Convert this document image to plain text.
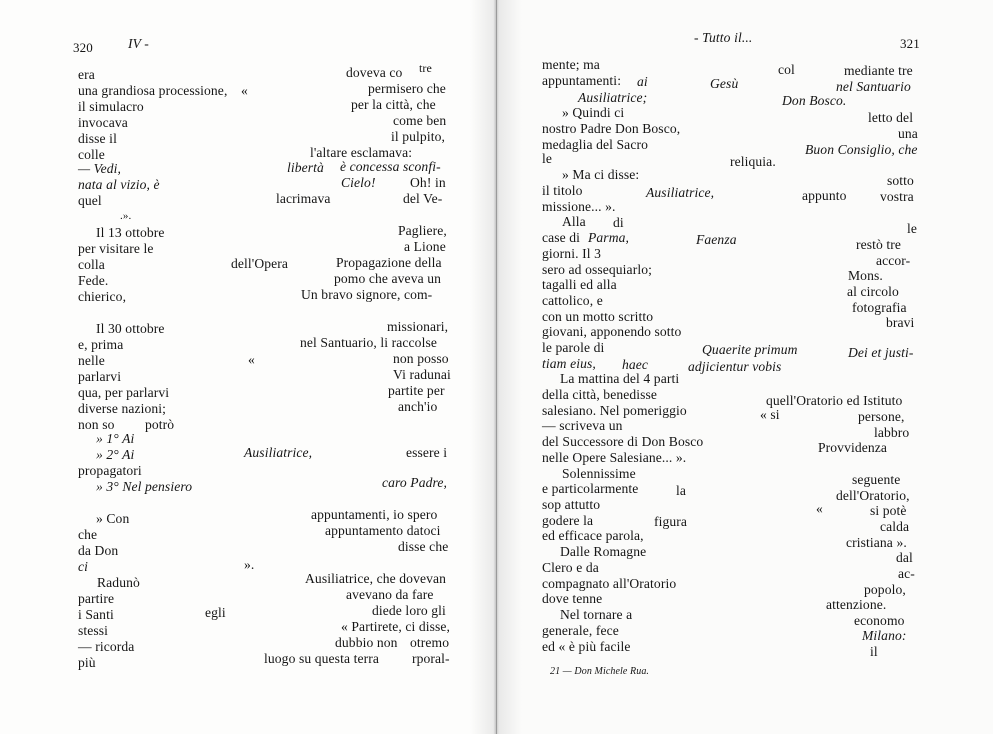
320	IV -
era	doveva co tre
una grandiosa processione, «	permisero che
il simulacro	per la città, che
invocava	come ben
disse il	il pulpito,
colle	l'altare esclamava:
— Vedi,	libertà è concessa sconfi-
nata al vizio, è	Cielo!	Oh! in
quel	lacrimava	del Ve-
.».
Il 13 ottobre	Pagliere,
per visitare le	a Lione
colla	dell'Opera	Propagazione della
Fede.	pomo che aveva un
chierico,	Un bravo signore, com-
Il 30 ottobre	missionari,
e, prima	nel Santuario, li raccolse
nelle	«	non posso
parlarvi	Vi radunai
qua, per parlarvi	partite per
diverse nazioni;	anch'io
non so potrò
» 1° Ai
» 2° Ai	Ausiliatrice,	essere i
propagatori
» 3° Nel pensiero	caro Padre,
» Con	appuntamenti, io spero
che	appuntamento datoci
da Don	disse che
ci	».
Radunò	Ausiliatrice, che dovevan
partire	avevano da fare
i Santi	egli	diede loro gli
stessi	« Partirete, ci disse,
— ricorda	dubbio non otremo
più	luogo su questa terra rporal-
- Tutto il...	321
mente; ma	col	mediante tre
appuntamenti: ai	Gesù	nel Santuario
Ausiliatrice;	Don Bosco.
» Quindi ci	letto del
nostro Padre Don Bosco,	una
medaglia del Sacro	Buon Consiglio, che
le	reliquia.
» Ma ci disse:	sotto
il titolo	Ausiliatrice,	appunto vostra
missione... ».
Alla di	le
case di Parma,	Faenza	restò tre
giorni. Il 3	accor-
sero ad ossequiarlo;	Mons.
tagalli ed alla	al circolo
cattolico, e	fotografia
con un motto scritto	bravi
giovani, apponendo sotto
le parole di	Quaerite primum	Dei et justi-
tiam eius, haec	adjicientur vobis
La mattina del 4 parti
della città, benedisse	quell'Oratorio ed Istituto
salesiano. Nel pomeriggio	« si	persone,
— scriveva un	labbro
del Successore di Don Bosco	Provvidenza
nelle Opere Salesiane... ».
Solennissime	seguente
e particolarmente	la	dell'Oratorio,
sop attutto	«	si potè
godere la	figura	calda
ed efficace parola,	cristiana ».
Dalle Romagne	dal
Clero e da	ac-
compagnato all'Oratorio	popolo,
dove tenne	attenzione.
Nel tornare a	economo
generale, fece	Milano:
ed « è più facile	il
21 — Don Michele Rua.
